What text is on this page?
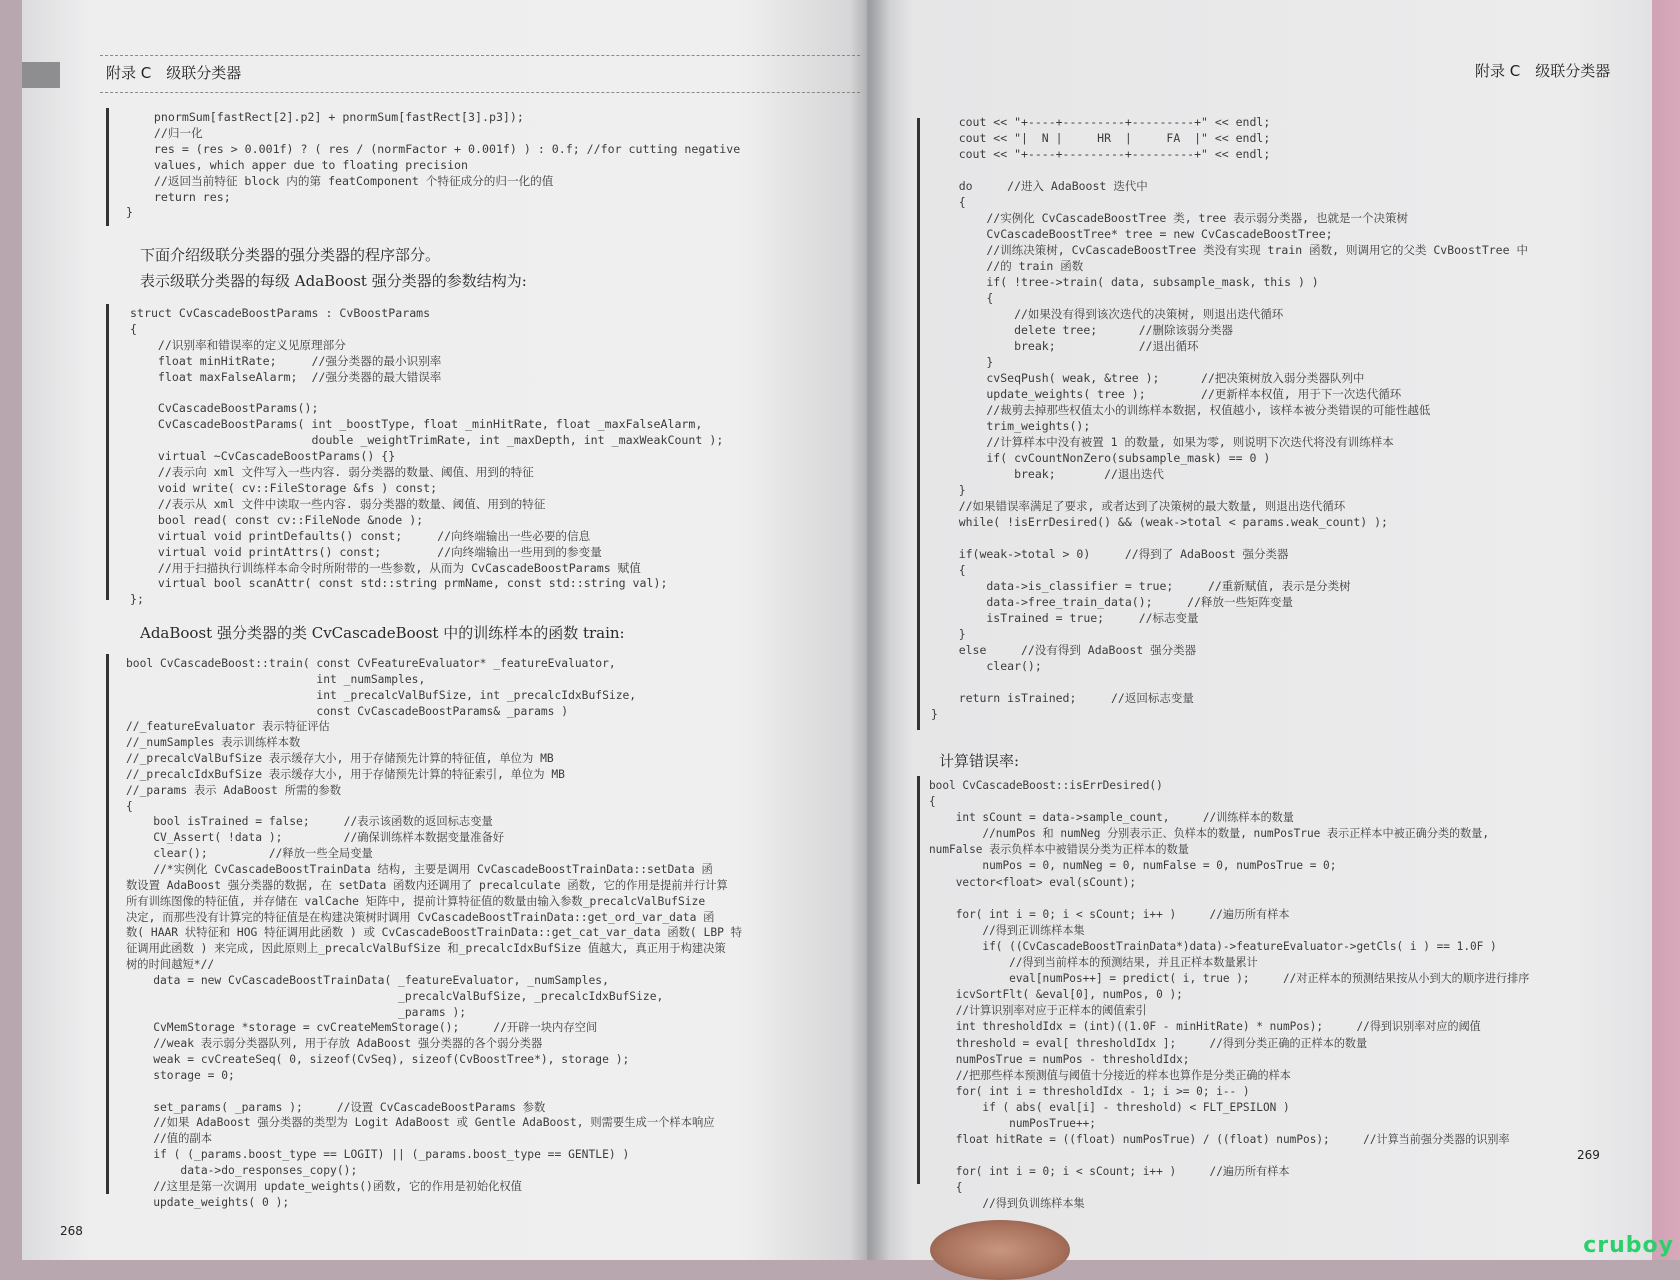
附录 C　级联分类器
pnormSum[fastRect[2].p2] + pnormSum[fastRect[3].p3]);
//归一化
res = (res > 0.001f) ? ( res / (normFactor + 0.001f) ) : 0.f; //for cutting negative
values, which apper due to floating precision
//返回当前特征 block 内的第 featComponent 个特征成分的归一化的值
return res;
}
下面介绍级联分类器的强分类器的程序部分。
表示级联分类器的每级 AdaBoost 强分类器的参数结构为:
struct CvCascadeBoostParams : CvBoostParams
{
//识别率和错误率的定义见原理部分
float minHitRate;     //强分类器的最小识别率
float maxFalseAlarm;  //强分类器的最大错误率

CvCascadeBoostParams();
CvCascadeBoostParams( int _boostType, float _minHitRate, float _maxFalseAlarm,
double _weightTrimRate, int _maxDepth, int _maxWeakCount );
virtual ~CvCascadeBoostParams() {}
//表示向 xml 文件写入一些内容. 弱分类器的数量、阈值、用到的特征
void write( cv::FileStorage &fs ) const;
//表示从 xml 文件中读取一些内容. 弱分类器的数量、阈值、用到的特征
bool read( const cv::FileNode &node );
virtual void printDefaults() const;     //向终端输出一些必要的信息
virtual void printAttrs() const;        //向终端输出一些用到的参变量
//用于扫描执行训练样本命令时所附带的一些参数, 从而为 CvCascadeBoostParams 赋值
virtual bool scanAttr( const std::string prmName, const std::string val);
};
AdaBoost 强分类器的类 CvCascadeBoost 中的训练样本的函数 train:
bool CvCascadeBoost::train( const CvFeatureEvaluator* _featureEvaluator,
int _numSamples,
int _precalcValBufSize, int _precalcIdxBufSize,
const CvCascadeBoostParams& _params )
//_featureEvaluator 表示特征评估
//_numSamples 表示训练样本数
//_precalcValBufSize 表示缓存大小, 用于存储预先计算的特征值, 单位为 MB
//_precalcIdxBufSize 表示缓存大小, 用于存储预先计算的特征索引, 单位为 MB
//_params 表示 AdaBoost 所需的参数
{
bool isTrained = false;     //表示该函数的返回标志变量
CV_Assert( !data );         //确保训练样本数据变量准备好
clear();         //释放一些全局变量
//*实例化 CvCascadeBoostTrainData 结构, 主要是调用 CvCascadeBoostTrainData::setData 函
数设置 AdaBoost 强分类器的数据, 在 setData 函数内还调用了 precalculate 函数, 它的作用是提前并行计算
所有训练图像的特征值, 并存储在 valCache 矩阵中, 提前计算特征值的数量由输入参数_precalcValBufSize
决定, 而那些没有计算完的特征值是在构建决策树时调用 CvCascadeBoostTrainData::get_ord_var_data 函
数( HAAR 状特征和 HOG 特征调用此函数 ) 或 CvCascadeBoostTrainData::get_cat_var_data 函数( LBP 特
征调用此函数 ) 来完成, 因此原则上_precalcValBufSize 和_precalcIdxBufSize 值越大, 真正用于构建决策
树的时间越短*//
data = new CvCascadeBoostTrainData( _featureEvaluator, _numSamples,
_precalcValBufSize, _precalcIdxBufSize,
_params );
CvMemStorage *storage = cvCreateMemStorage();     //开辟一块内存空间
//weak 表示弱分类器队列, 用于存放 AdaBoost 强分类器的各个弱分类器
weak = cvCreateSeq( 0, sizeof(CvSeq), sizeof(CvBoostTree*), storage );
storage = 0;

set_params( _params );     //设置 CvCascadeBoostParams 参数
//如果 AdaBoost 强分类器的类型为 Logit AdaBoost 或 Gentle AdaBoost, 则需要生成一个样本响应
//值的副本
if ( (_params.boost_type == LOGIT) || (_params.boost_type == GENTLE) )
data->do_responses_copy();
//这里是第一次调用 update_weights()函数, 它的作用是初始化权值
update_weights( 0 );
268
附录 C　级联分类器
cout << "+----+---------+---------+" << endl;
cout << "|  N |     HR  |     FA  |" << endl;
cout << "+----+---------+---------+" << endl;

do     //进入 AdaBoost 迭代中
{
//实例化 CvCascadeBoostTree 类, tree 表示弱分类器, 也就是一个决策树
CvCascadeBoostTree* tree = new CvCascadeBoostTree;
//训练决策树, CvCascadeBoostTree 类没有实现 train 函数, 则调用它的父类 CvBoostTree 中
//的 train 函数
if( !tree->train( data, subsample_mask, this ) )
{
//如果没有得到该次迭代的决策树, 则退出迭代循环
delete tree;      //删除该弱分类器
break;            //退出循环
}
cvSeqPush( weak, &tree );      //把决策树放入弱分类器队列中
update_weights( tree );        //更新样本权值, 用于下一次迭代循环
//裁剪去掉那些权值太小的训练样本数据, 权值越小, 该样本被分类错误的可能性越低
trim_weights();
//计算样本中没有被置 1 的数量, 如果为零, 则说明下次迭代将没有训练样本
if( cvCountNonZero(subsample_mask) == 0 )
break;       //退出迭代
}
//如果错误率满足了要求, 或者达到了决策树的最大数量, 则退出迭代循环
while( !isErrDesired() && (weak->total < params.weak_count) );

if(weak->total > 0)     //得到了 AdaBoost 强分类器
{
data->is_classifier = true;     //重新赋值, 表示是分类树
data->free_train_data();     //释放一些矩阵变量
isTrained = true;     //标志变量
}
else     //没有得到 AdaBoost 强分类器
clear();

return isTrained;     //返回标志变量
}
计算错误率:
bool CvCascadeBoost::isErrDesired()
{
int sCount = data->sample_count,     //训练样本的数量
//numPos 和 numNeg 分别表示正、负样本的数量, numPosTrue 表示正样本中被正确分类的数量,
numFalse 表示负样本中被错误分类为正样本的数量
numPos = 0, numNeg = 0, numFalse = 0, numPosTrue = 0;
vector<float> eval(sCount);

for( int i = 0; i < sCount; i++ )     //遍历所有样本
//得到正训练样本集
if( ((CvCascadeBoostTrainData*)data)->featureEvaluator->getCls( i ) == 1.0F )
//得到当前样本的预测结果, 并且正样本数量累计
eval[numPos++] = predict( i, true );     //对正样本的预测结果按从小到大的顺序进行排序
icvSortFlt( &eval[0], numPos, 0 );
//计算识别率对应于正样本的阈值索引
int thresholdIdx = (int)((1.0F - minHitRate) * numPos);     //得到识别率对应的阈值
threshold = eval[ thresholdIdx ];     //得到分类正确的正样本的数量
numPosTrue = numPos - thresholdIdx;
//把那些样本预测值与阈值十分接近的样本也算作是分类正确的样本
for( int i = thresholdIdx - 1; i >= 0; i-- )
if ( abs( eval[i] - threshold) < FLT_EPSILON )
numPosTrue++;
float hitRate = ((float) numPosTrue) / ((float) numPos);     //计算当前强分类器的识别率

for( int i = 0; i < sCount; i++ )     //遍历所有样本
{
//得到负训练样本集
269
cruboy
